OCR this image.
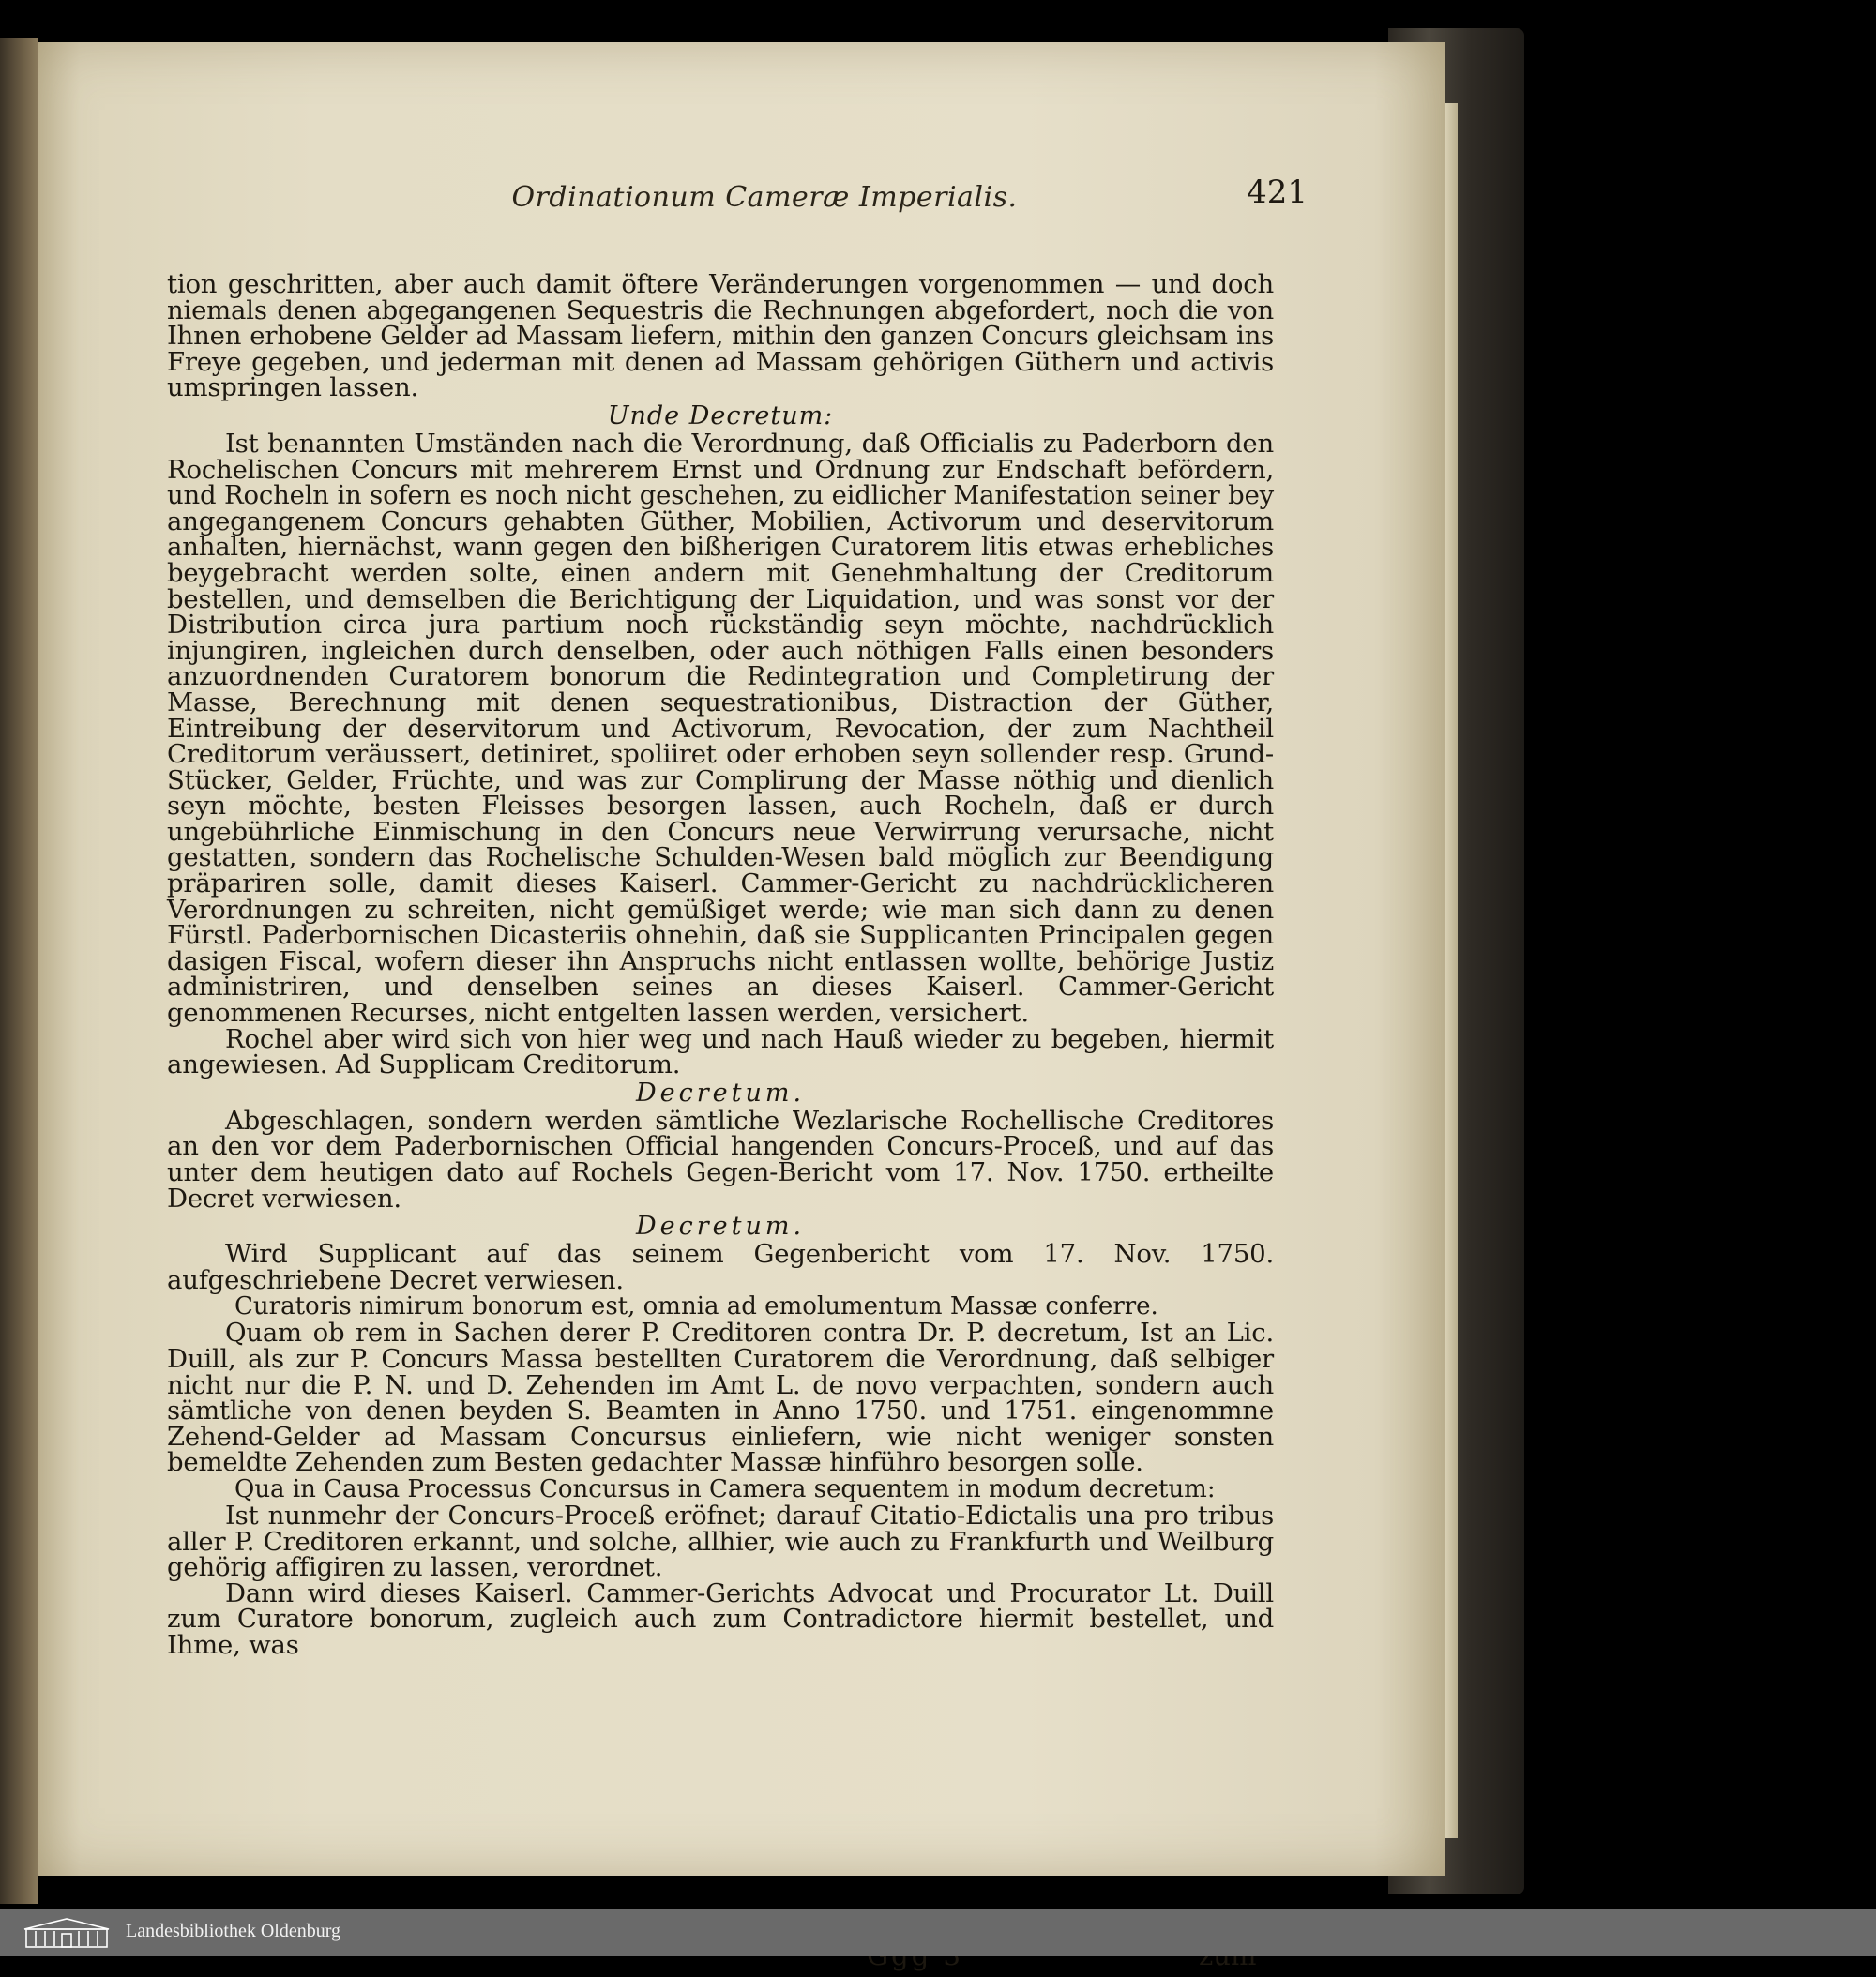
Ordinationum Cameræ Imperialis.	421

tion geschritten, aber auch damit öftere Veränderungen vorgenommen — und doch niemals denen abgegangenen Sequestris die Rechnungen abgefordert, noch die von Ihnen erhobene Gelder ad Massam liefern, mithin den ganzen Concurs gleichsam ins Freye gegeben, und jederman mit denen ad Massam gehörigen Güthern und activis umspringen lassen.

Unde Decretum:

Ist benannten Umständen nach die Verordnung, daß Officialis zu Paderborn den Rochelischen Concurs mit mehrerem Ernst und Ordnung zur Endschaft befördern, und Rocheln in sofern es noch nicht geschehen, zu eidlicher Manifestation seiner bey angegangenem Concurs gehabten Güther, Mobilien, Activorum und deservitorum anhalten, hiernächst, wann gegen den bißherigen Curatorem litis etwas erhebliches beygebracht werden solte, einen andern mit Genehmhaltung der Creditorum bestellen, und demselben die Berichtigung der Liquidation, und was sonst vor der Distribution circa jura partium noch rückständig seyn möchte, nachdrücklich injungiren, ingleichen durch denselben, oder auch nöthigen Falls einen besonders anzuordnenden Curatorem bonorum die Redintegration und Completirung der Masse, Berechnung mit denen sequestrationibus, Distraction der Güther, Eintreibung der deservitorum und Activorum, Revocation, der zum Nachtheil Creditorum veräussert, detiniret, spoliiret oder erhoben seyn sollender resp. Grund-Stücker, Gelder, Früchte, und was zur Complirung der Masse nöthig und dienlich seyn möchte, besten Fleisses besorgen lassen, auch Rocheln, daß er durch ungebührliche Einmischung in den Concurs neue Verwirrung verursache, nicht gestatten, sondern das Rochelische Schulden-Wesen bald möglich zur Beendigung präpariren solle, damit dieses Kaiserl. Cammer-Gericht zu nachdrücklicheren Verordnungen zu schreiten, nicht gemüßiget werde; wie man sich dann zu denen Fürstl. Paderbornischen Dicasteriis ohnehin, daß sie Supplicanten Principalen gegen dasigen Fiscal, wofern dieser ihn Anspruchs nicht entlassen wollte, behörige Justiz administriren, und denselben seines an dieses Kaiserl. Cammer-Gericht genommenen Recurses, nicht entgelten lassen werden, versichert.

Rochel aber wird sich von hier weg und nach Hauß wieder zu begeben, hiermit angewiesen. Ad Supplicam Creditorum.

Decretum.

Abgeschlagen, sondern werden sämtliche Wezlarische Rochellische Creditores an den vor dem Paderbornischen Official hangenden Concurs-Proceß, und auf das unter dem heutigen dato auf Rochels Gegen-Bericht vom 17. Nov. 1750. ertheilte Decret verwiesen.

Decretum.

Wird Supplicant auf das seinem Gegenbericht vom 17. Nov. 1750. aufgeschriebene Decret verwiesen.

Curatoris nimirum bonorum est, omnia ad emolumentum Massæ conferre.

Quam ob rem in Sachen derer P. Creditoren contra Dr. P. decretum, Ist an Lic. Duill, als zur P. Concurs Massa bestellten Curatorem die Verordnung, daß selbiger nicht nur die P. N. und D. Zehenden im Amt L. de novo verpachten, sondern auch sämtliche von denen beyden S. Beamten in Anno 1750. und 1751. eingenommne Zehend-Gelder ad Massam Concursus einliefern, wie nicht weniger sonsten bemeldte Zehenden zum Besten gedachter Massæ hinführo besorgen solle.

Qua in Causa Processus Concursus in Camera sequentem in modum decretum:

Ist nunmehr der Concurs-Proceß eröfnet; darauf Citatio-Edictalis una pro tribus aller P. Creditoren erkannt, und solche, allhier, wie auch zu Frankfurth und Weilburg gehörig affigiren zu lassen, verordnet.

Dann wird dieses Kaiserl. Cammer-Gerichts Advocat und Procurator Lt. Duill zum Curatore bonorum, zugleich auch zum Contradictore hiermit bestellet, und Ihme, was

Landesbibliothek Oldenburg
